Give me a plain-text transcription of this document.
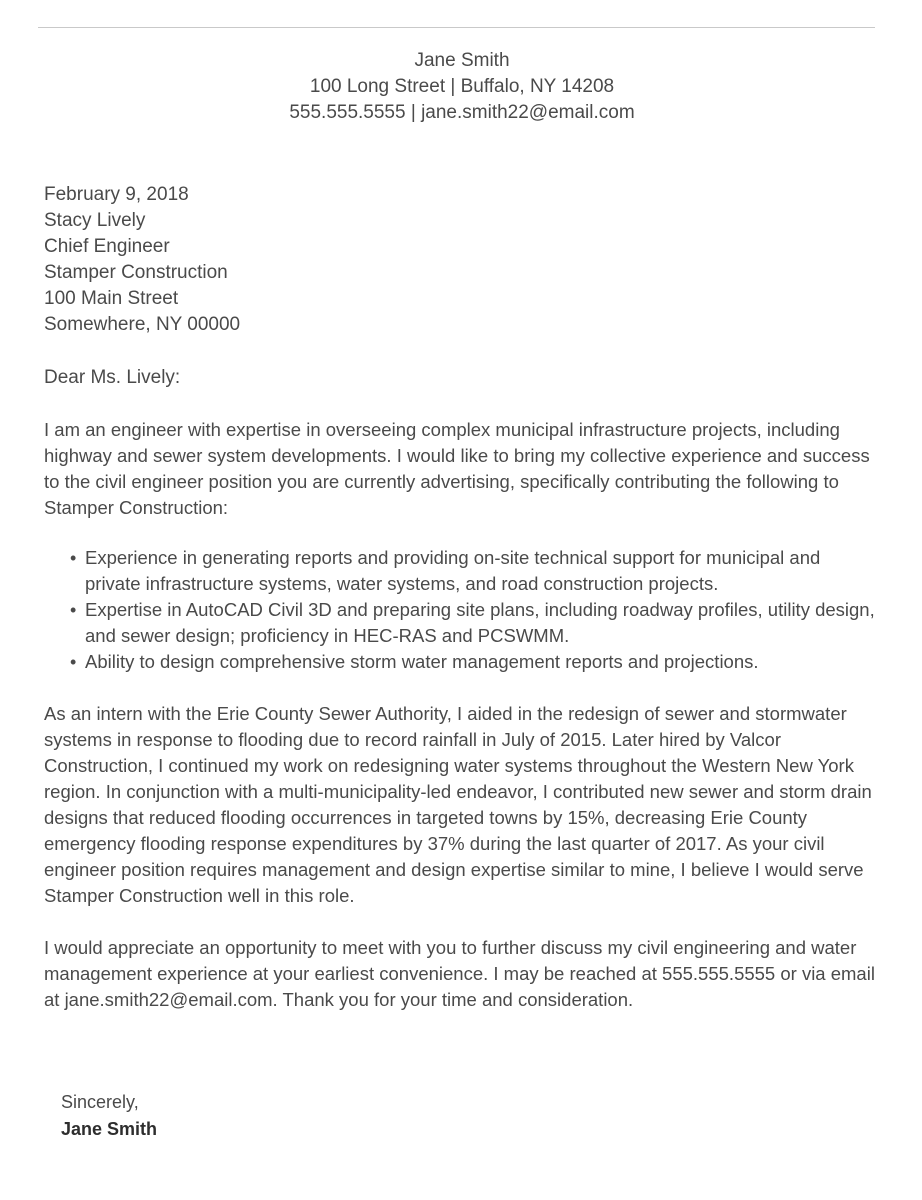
Jane Smith
100 Long Street | Buffalo, NY 14208
555.555.5555 | jane.smith22@email.com
February 9, 2018
Stacy Lively
Chief Engineer
Stamper Construction
100 Main Street
Somewhere, NY 00000
Dear Ms. Lively:

I am an engineer with expertise in overseeing complex municipal infrastructure projects, including highway and sewer system developments. I would like to bring my collective experience and success to the civil engineer position you are currently advertising, specifically contributing the following to Stamper Construction:

• Experience in generating reports and providing on-site technical support for municipal and private infrastructure systems, water systems, and road construction projects.
• Expertise in AutoCAD Civil 3D and preparing site plans, including roadway profiles, utility design, and sewer design; proficiency in HEC-RAS and PCSWMM.
• Ability to design comprehensive storm water management reports and projections.

As an intern with the Erie County Sewer Authority, I aided in the redesign of sewer and stormwater systems in response to flooding due to record rainfall in July of 2015. Later hired by Valcor Construction, I continued my work on redesigning water systems throughout the Western New York region. In conjunction with a multi-municipality-led endeavor, I contributed new sewer and storm drain designs that reduced flooding occurrences in targeted towns by 15%, decreasing Erie County emergency flooding response expenditures by 37% during the last quarter of 2017. As your civil engineer position requires management and design expertise similar to mine, I believe I would serve Stamper Construction well in this role.

I would appreciate an opportunity to meet with you to further discuss my civil engineering and water management experience at your earliest convenience. I may be reached at 555.555.5555 or via email at jane.smith22@email.com. Thank you for your time and consideration.

Sincerely,
Jane Smith
